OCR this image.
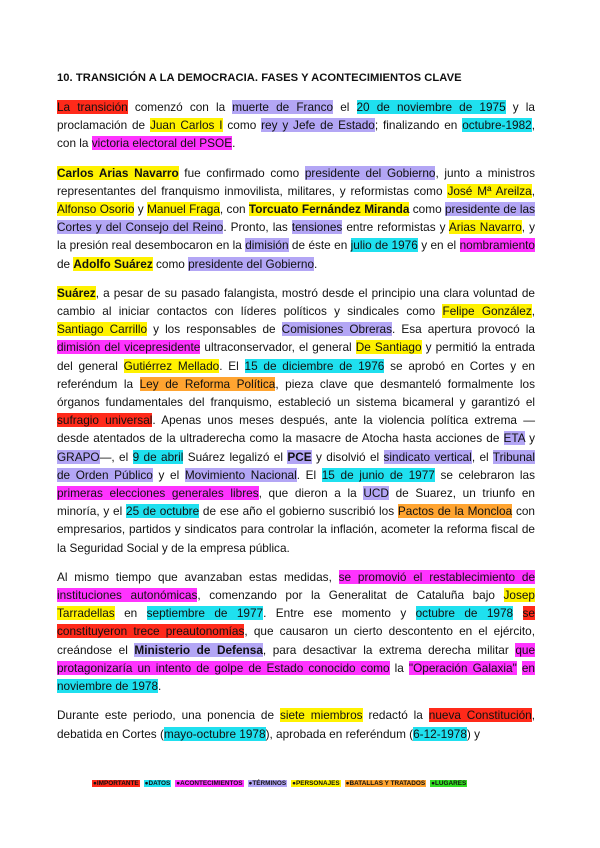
10. TRANSICIÓN A LA DEMOCRACIA. FASES Y ACONTECIMIENTOS CLAVE

La transición comenzó con la muerte de Franco el 20 de noviembre de 1975 y la proclamación de Juan Carlos I como rey y Jefe de Estado; finalizando en octubre-1982, con la victoria electoral del PSOE.

Carlos Arias Navarro fue confirmado como presidente del Gobierno, junto a ministros representantes del franquismo inmovilista, militares, y reformistas como José Mª Areilza, Alfonso Osorio y Manuel Fraga, con Torcuato Fernández Miranda como presidente de las Cortes y del Consejo del Reino. Pronto, las tensiones entre reformistas y Arias Navarro, y la presión real desembocaron en la dimisión de éste en julio de 1976 y en el nombramiento de Adolfo Suárez como presidente del Gobierno.

Suárez, a pesar de su pasado falangista, mostró desde el principio una clara voluntad de cambio al iniciar contactos con líderes políticos y sindicales como Felipe González, Santiago Carrillo y los responsables de Comisiones Obreras. Esa apertura provocó la dimisión del vicepresidente ultraconservador, el general De Santiago y permitió la entrada del general Gutiérrez Mellado. El 15 de diciembre de 1976 se aprobó en Cortes y en referéndum la Ley de Reforma Política, pieza clave que desmanteló formalmente los órganos fundamentales del franquismo, estableció un sistema bicameral y garantizó el sufragio universal. Apenas unos meses después, ante la violencia política extrema —desde atentados de la ultraderecha como la masacre de Atocha hasta acciones de ETA y GRAPO—, el 9 de abril Suárez legalizó el PCE y disolvió el sindicato vertical, el Tribunal de Orden Público y el Movimiento Nacional. El 15 de junio de 1977 se celebraron las primeras elecciones generales libres, que dieron a la UCD de Suarez, un triunfo en minoría, y el 25 de octubre de ese año el gobierno suscribió los Pactos de la Moncloa con empresarios, partidos y sindicatos para controlar la inflación, acometer la reforma fiscal de la Seguridad Social y de la empresa pública.

Al mismo tiempo que avanzaban estas medidas, se promovió el restablecimiento de instituciones autonómicas, comenzando por la Generalitat de Cataluña bajo Josep Tarradellas en septiembre de 1977. Entre ese momento y octubre de 1978 se constituyeron trece preautonomías, que causaron un cierto descontento en el ejército, creándose el Ministerio de Defensa, para desactivar la extrema derecha militar que protagonizaría un intento de golpe de Estado conocido como la "Operación Galaxia" en noviembre de 1978.

Durante este periodo, una ponencia de siete miembros redactó la nueva Constitución, debatida en Cortes (mayo-octubre 1978), aprobada en referéndum (6-12-1978) y

●IMPORTANTE ●DATOS ●ACONTECIMIENTOS ●TÉRMINOS ●PERSONAJES ●BATALLAS Y TRATADOS ●LUGARES
